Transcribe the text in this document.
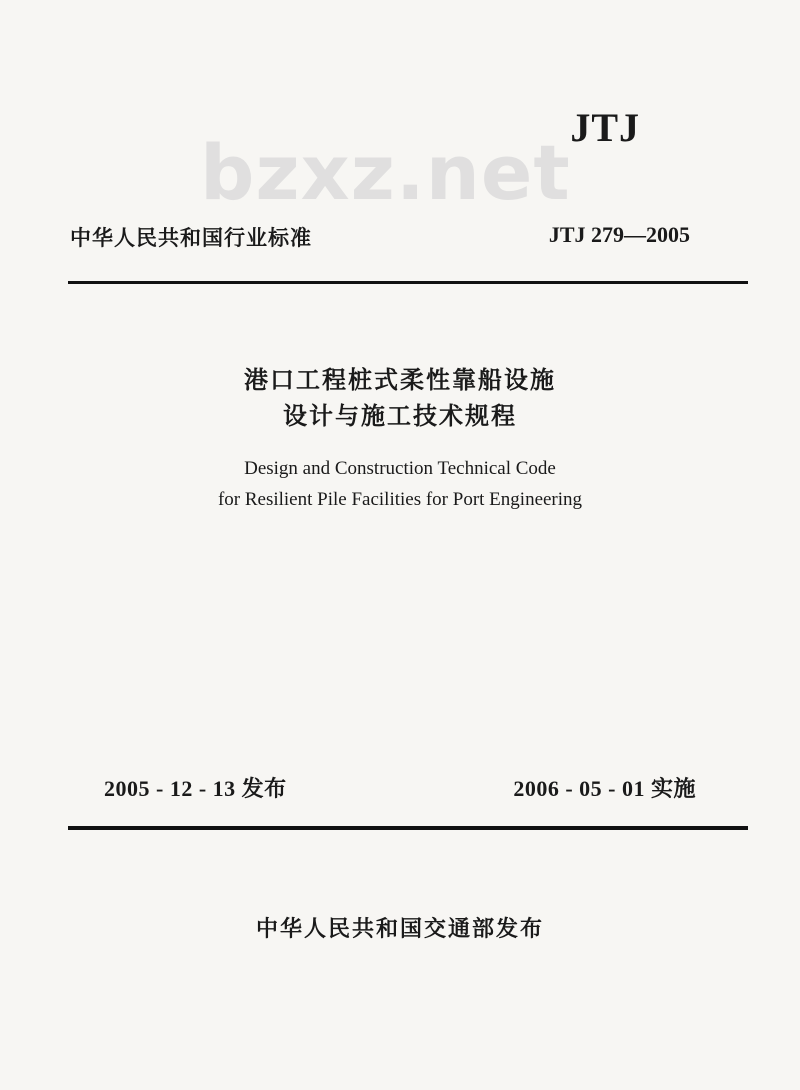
bzxz.net
JTJ
中华人民共和国行业标准	JTJ 279—2005
港口工程桩式柔性靠船设施
设计与施工技术规程
Design and Construction Technical Code
for Resilient Pile Facilities for Port Engineering
2005 - 12 - 13 发布	2006 - 05 - 01 实施
中华人民共和国交通部发布
